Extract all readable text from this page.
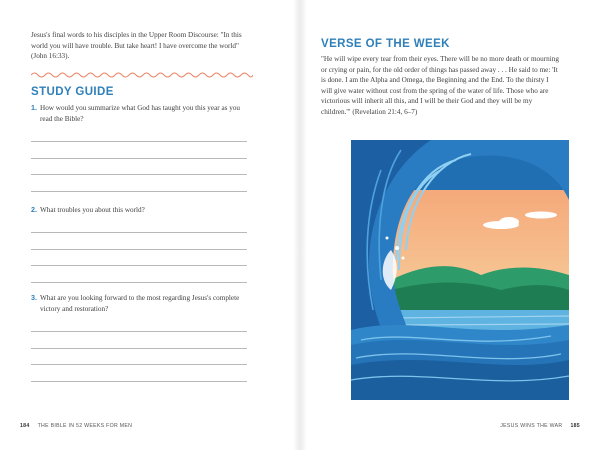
Jesus's final words to his disciples in the Upper Room Discourse: "In this world you will have trouble. But take heart! I have overcome the world" (John 16:33).

STUDY GUIDE
1. How would you summarize what God has taught you this year as you read the Bible?
2. What troubles you about this world?
3. What are you looking forward to the most regarding Jesus's complete victory and restoration?
184 THE BIBLE IN 52 WEEKS FOR MEN
VERSE OF THE WEEK

"He will wipe every tear from their eyes. There will be no more death or mourning or crying or pain, for the old order of things has passed away . . . He said to me: 'It is done. I am the Alpha and Omega, the Beginning and the End. To the thirsty I will give water without cost from the spring of the water of life. Those who are victorious will inherit all this, and I will be their God and they will be my children.'" (Revelation 21:4, 6–7)

JESUS WINS THE WAR 185
